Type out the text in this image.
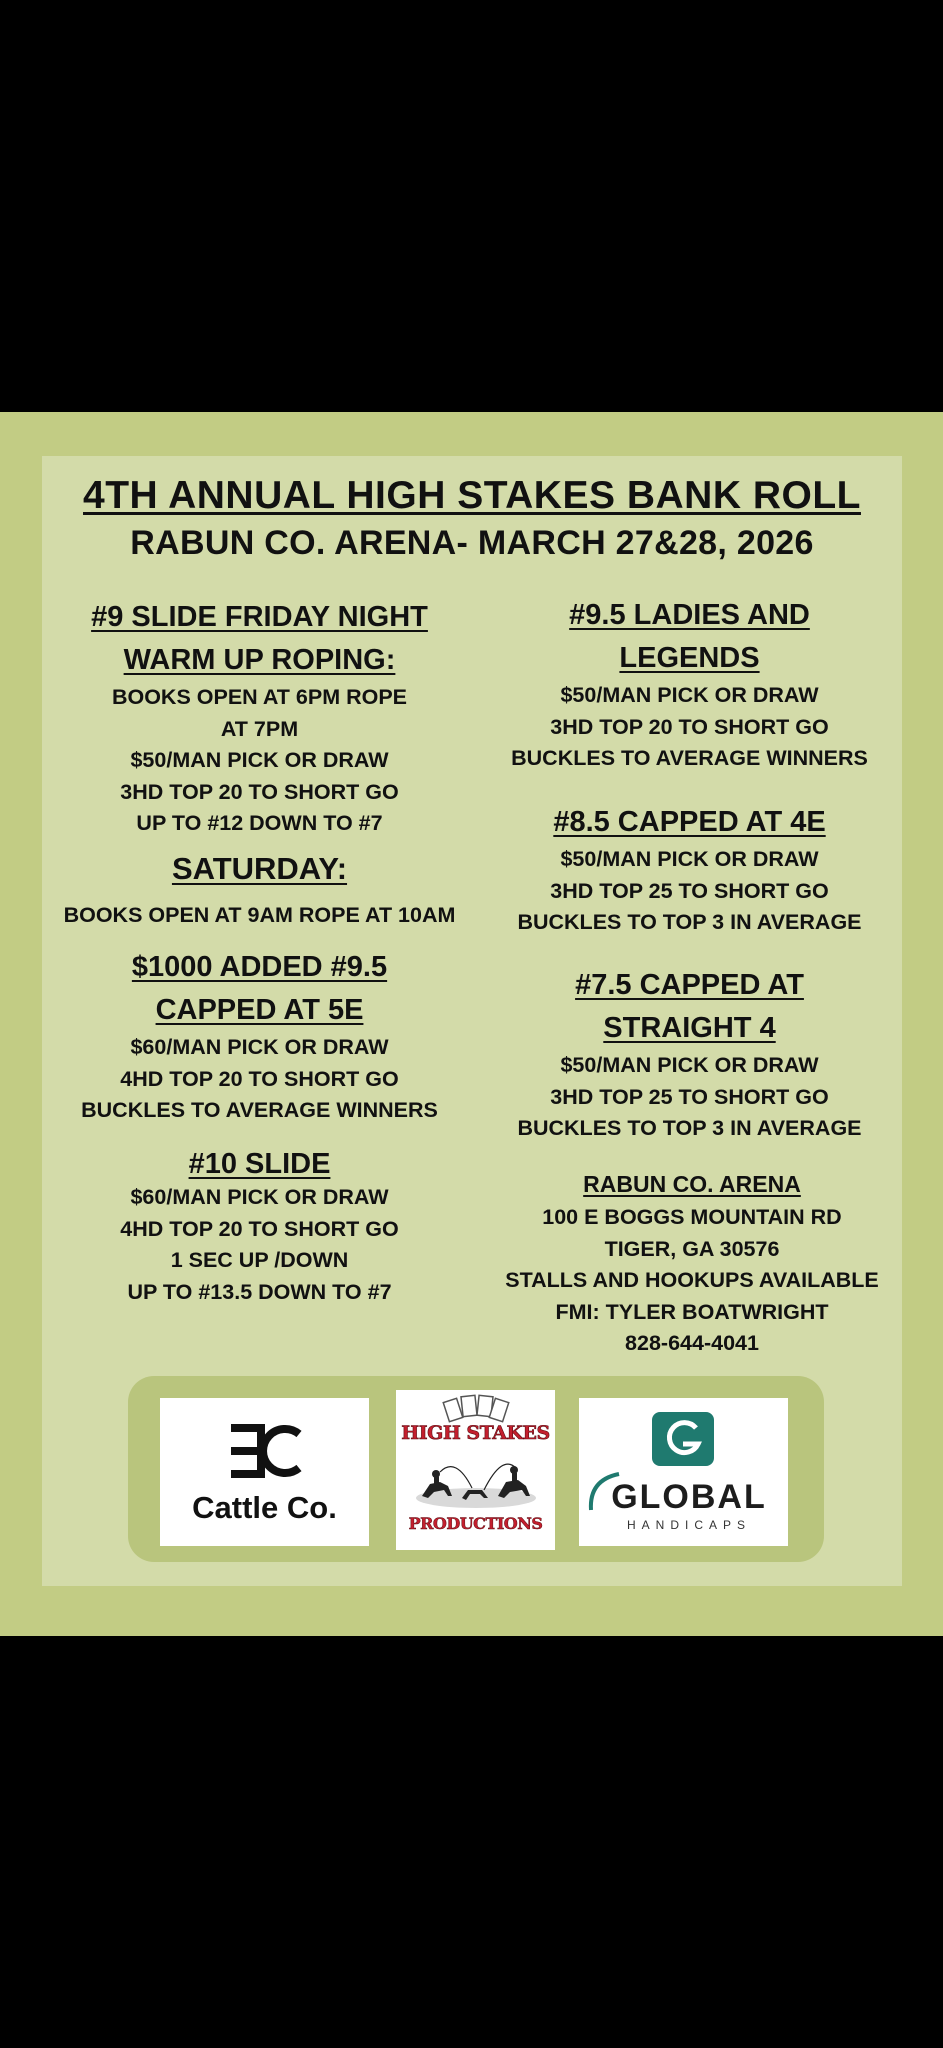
4TH ANNUAL HIGH STAKES BANK ROLL
RABUN CO. ARENA- MARCH 27&28, 2026
#9 SLIDE FRIDAY NIGHT
WARM UP ROPING:
BOOKS OPEN AT 6PM ROPE
AT 7PM
$50/MAN PICK OR DRAW
3HD TOP 20 TO SHORT GO
UP TO #12 DOWN TO #7
SATURDAY:
BOOKS OPEN AT 9AM ROPE AT 10AM
$1000 ADDED #9.5
CAPPED AT 5E
$60/MAN PICK OR DRAW
4HD TOP 20 TO SHORT GO
BUCKLES TO AVERAGE WINNERS
#10 SLIDE
$60/MAN PICK OR DRAW
4HD TOP 20 TO SHORT GO
1 SEC UP /DOWN
UP TO #13.5 DOWN TO #7
#9.5 LADIES AND
LEGENDS
$50/MAN PICK OR DRAW
3HD TOP 20 TO SHORT GO
BUCKLES TO AVERAGE WINNERS
#8.5 CAPPED AT 4E
$50/MAN PICK OR DRAW
3HD TOP 25 TO SHORT GO
BUCKLES TO TOP 3 IN AVERAGE
#7.5 CAPPED AT
STRAIGHT 4
$50/MAN PICK OR DRAW
3HD TOP 25 TO SHORT GO
BUCKLES TO TOP 3 IN AVERAGE
RABUN CO. ARENA
100 E BOGGS MOUNTAIN RD
TIGER, GA 30576
STALLS AND HOOKUPS AVAILABLE
FMI: TYLER BOATWRIGHT
828-644-4041
Cattle Co.
HIGH STAKES
PRODUCTIONS
GLOBAL
HANDICAPS
